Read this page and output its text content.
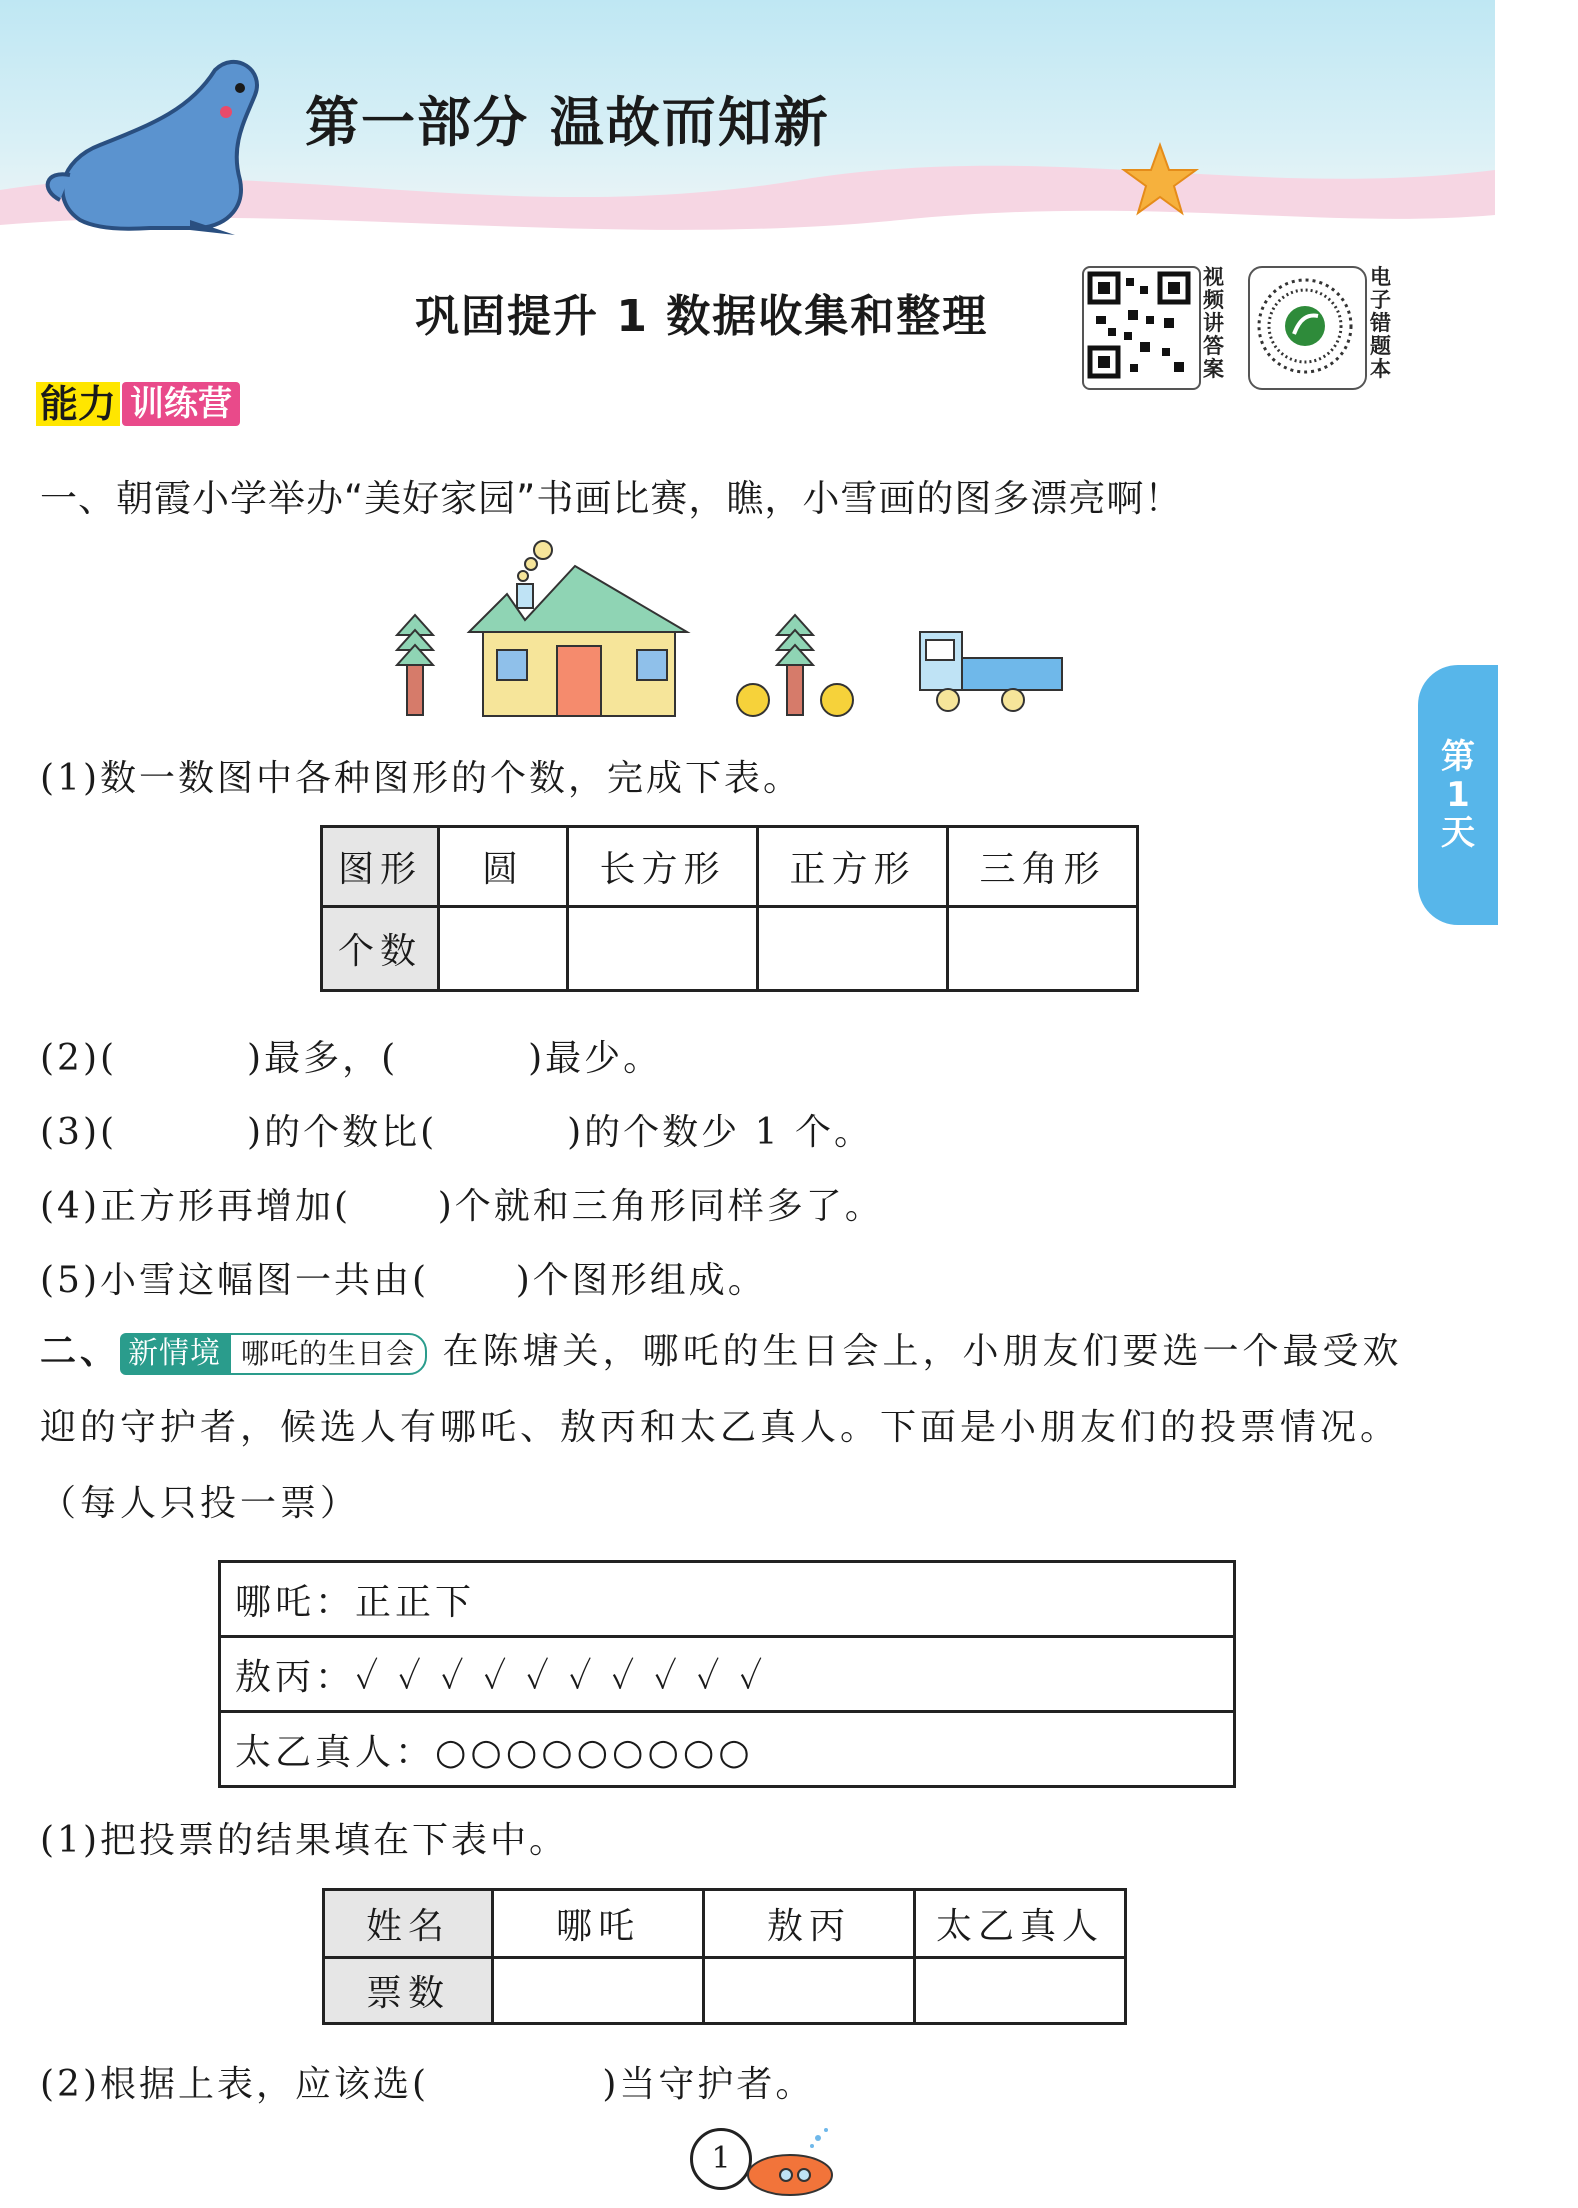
第一部分 温故而知新
巩固提升 1 数据收集和整理
视
频
讲
答
案
电
子
错
题
本
能力 训练营
第
1
天
一、朝霞小学举办“美好家园”书画比赛，瞧，小雪画的图多漂亮啊！
(1)数一数图中各种图形的个数，完成下表。
图形	圆	长方形	正方形	三角形
个数				
(2)(         )最多，(         )最少。
(3)(         )的个数比(         )的个数少 1 个。
(4)正方形再增加(      )个就和三角形同样多了。
(5)小雪这幅图一共由(      )个图形组成。
二、 新情境 哪吒的生日会 在陈塘关，哪吒的生日会上，小朋友们要选一个最受欢迎的守护者，候选人有哪吒、敖丙和太乙真人。下面是小朋友们的投票情况。（每人只投一票）
哪吒：正正下
敖丙：✓ ✓ ✓ ✓ ✓ ✓ ✓ ✓ ✓ ✓
太乙真人：○○○○○○○○○
(1)把投票的结果填在下表中。
姓名	哪吒	敖丙	太乙真人
票数			
(2)根据上表，应该选(            )当守护者。
1
